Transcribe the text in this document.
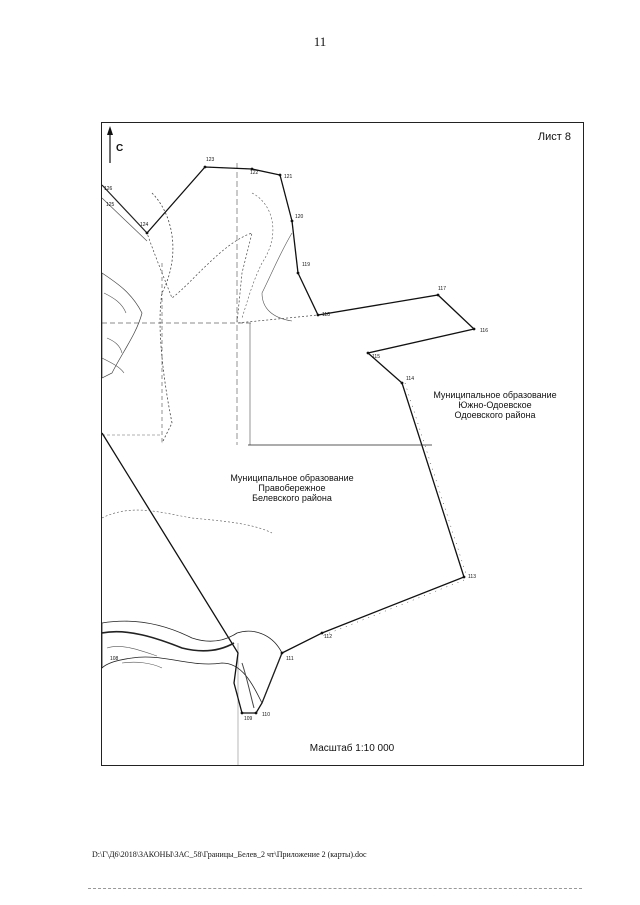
11
Лист 8
С
Муниципальное образование
Южно-Одоевское
Одоевского района
Муниципальное образование
Правобережное
Белевского района
Масштаб 1:10 000
124
123
122
121
120
119
118
117
116
115
114
113
112
111
110
109
125
126
108
D:\Г\Д6\2018\ЗАКОНЫ\ЗАС_58\Границы_Белев_2 чт\Приложение 2 (карты).doc
